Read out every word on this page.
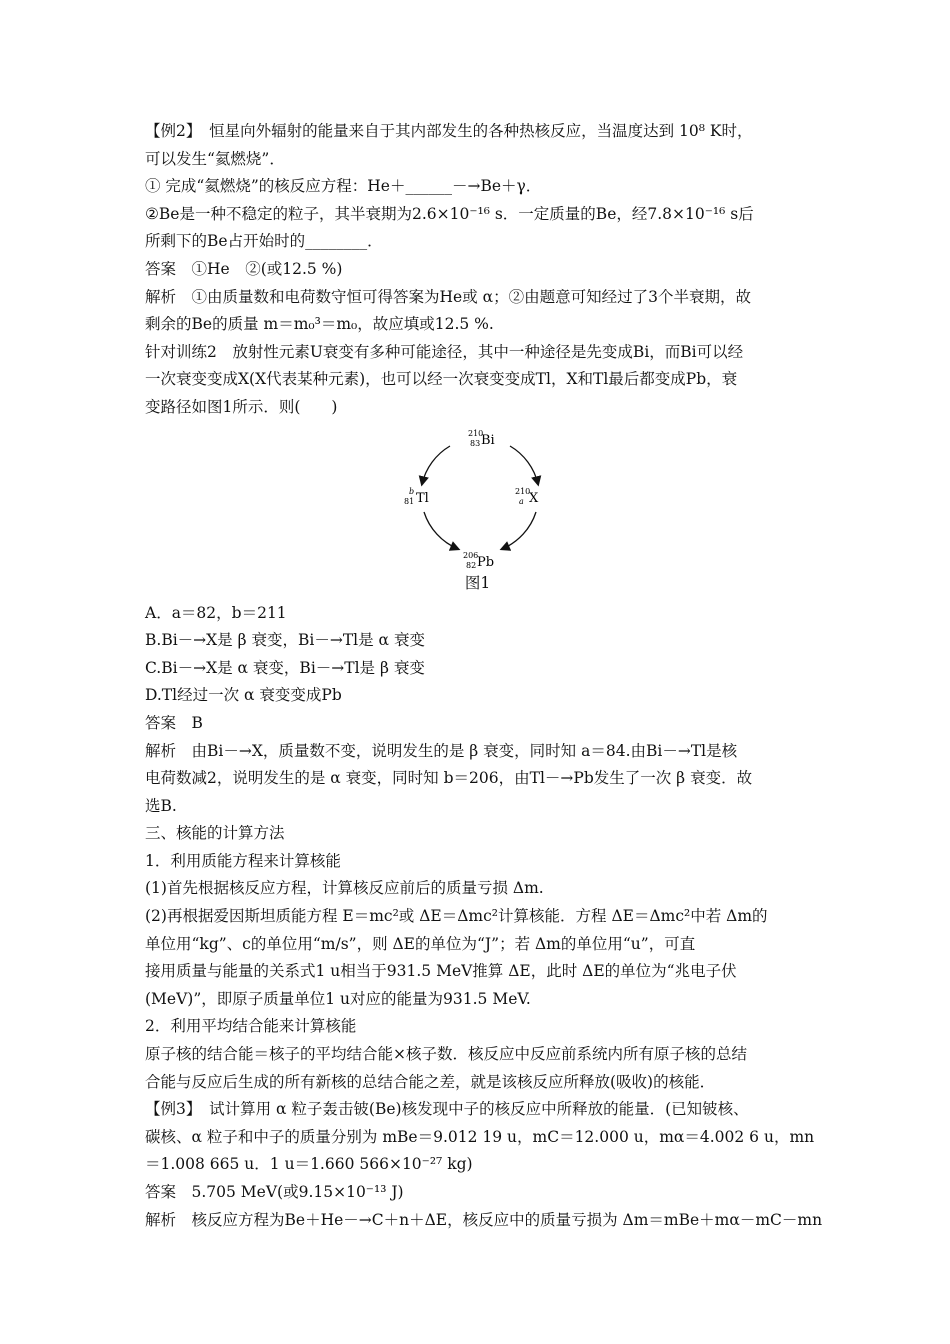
【例2】　恒星向外辐射的能量来自于其内部发生的各种热核反应，当温度达到 10⁸ K时，
可以发生“氦燃烧”．
① 完成“氦燃烧”的核反应方程：He＋______－→Be＋γ．
②Be是一种不稳定的粒子，其半衰期为2.6×10⁻¹⁶ s．一定质量的Be，经7.8×10⁻¹⁶ s后
所剩下的Be占开始时的________．
答案　①He　②(或12.5 %)
解析　①由质量数和电荷数守恒可得答案为He或 α；②由题意可知经过了3个半衰期，故
剩余的Be的质量 m＝m₀³＝m₀，故应填或12.5 %.
针对训练2　放射性元素U衰变有多种可能途径，其中一种途径是先变成Bi，而Bi可以经
一次衰变变成X(X代表某种元素)，也可以经一次衰变变成Tl，X和Tl最后都变成Pb，衰
变路径如图1所示．则(　　)
210
83 Bi
210
a X
b
81 Tl
206
82 Pb
图1
A．a＝82，b＝211
B.Bi－→X是 β 衰变，Bi－→Tl是 α 衰变
C.Bi－→X是 α 衰变，Bi－→Tl是 β 衰变
D.Tl经过一次 α 衰变变成Pb
答案　B
解析　由Bi－→X，质量数不变，说明发生的是 β 衰变，同时知 a＝84.由Bi－→Tl是核
电荷数减2，说明发生的是 α 衰变，同时知 b＝206，由Tl－→Pb发生了一次 β 衰变．故
选B.
三、核能的计算方法
1．利用质能方程来计算核能
(1)首先根据核反应方程，计算核反应前后的质量亏损 Δm.
(2)再根据爱因斯坦质能方程 E＝mc²或 ΔE＝Δmc²计算核能．方程 ΔE＝Δmc²中若 Δm的
单位用“kg”、c的单位用“m/s”，则 ΔE的单位为“J”；若 Δm的单位用“u”，可直
接用质量与能量的关系式1 u相当于931.5 MeV推算 ΔE，此时 ΔE的单位为“兆电子伏
(MeV)”，即原子质量单位1 u对应的能量为931.5 MeV.
2．利用平均结合能来计算核能
原子核的结合能＝核子的平均结合能×核子数．核反应中反应前系统内所有原子核的总结
合能与反应后生成的所有新核的总结合能之差，就是该核反应所释放(吸收)的核能．
【例3】　试计算用 α 粒子轰击铍(Be)核发现中子的核反应中所释放的能量．(已知铍核、
碳核、α 粒子和中子的质量分别为 mBe＝9.012 19 u，mC＝12.000 u，mα＝4.002 6 u，mn
＝1.008 665 u．1 u＝1.660 566×10⁻²⁷ kg)
答案　5.705 MeV(或9.15×10⁻¹³ J)
解析　核反应方程为Be＋He－→C＋n＋ΔE，核反应中的质量亏损为 Δm＝mBe＋mα－mC－mn
